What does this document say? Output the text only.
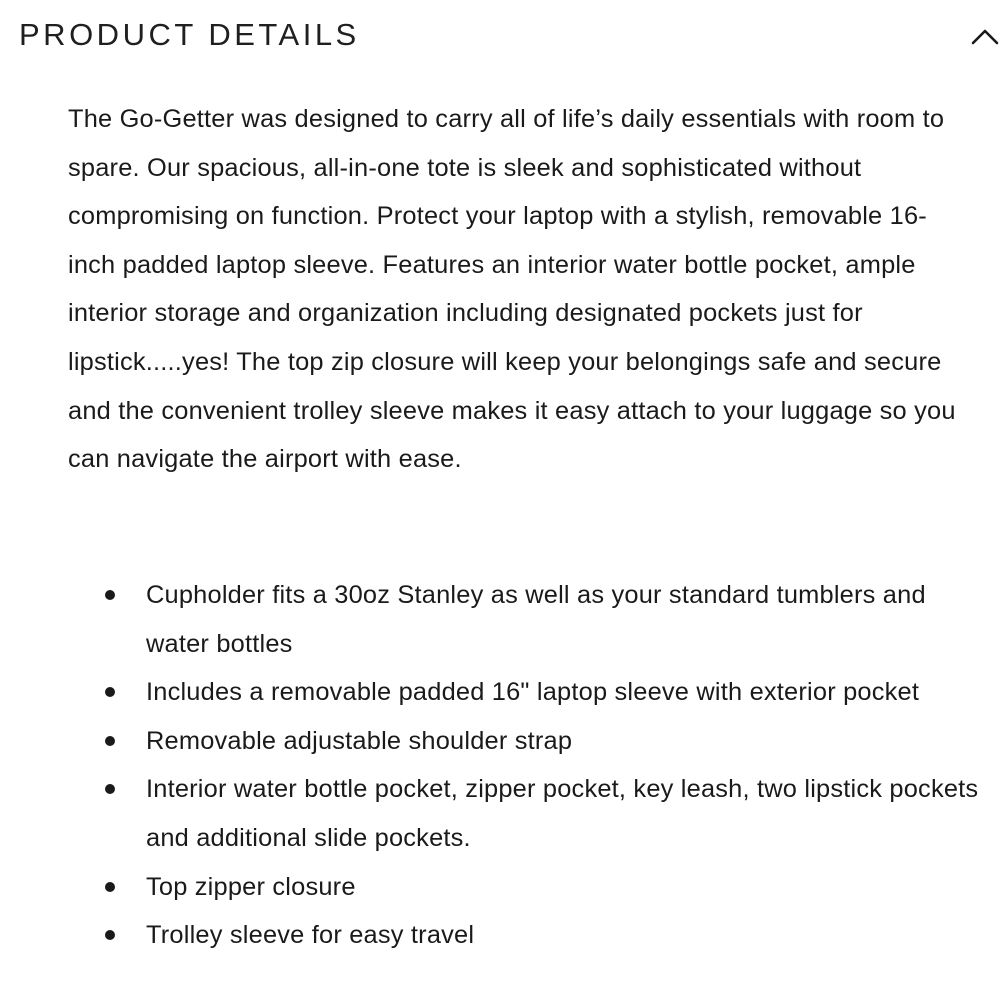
PRODUCT DETAILS

The Go-Getter was designed to carry all of life’s daily essentials with room to spare. Our spacious, all-in-one tote is sleek and sophisticated without compromising on function. Protect your laptop with a stylish, removable 16-inch padded laptop sleeve. Features an interior water bottle pocket, ample interior storage and organization including designated pockets just for lipstick.....yes! The top zip closure will keep your belongings safe and secure and the convenient trolley sleeve makes it easy attach to your luggage so you can navigate the airport with ease.

Cupholder fits a 30oz Stanley as well as your standard tumblers and water bottles
Includes a removable padded 16" laptop sleeve with exterior pocket
Removable adjustable shoulder strap
Interior water bottle pocket, zipper pocket, key leash, two lipstick pockets and additional slide pockets.
Top zipper closure
Trolley sleeve for easy travel
